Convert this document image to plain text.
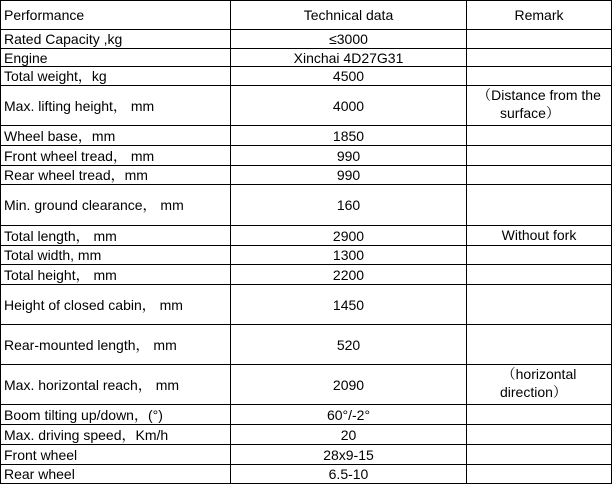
Performance	Technical data	Remark
Rated Capacity ,kg	≤3000	
Engine	Xinchai 4D27G31	
Total weight，kg	4500	
Max. lifting height， mm	4000	（Distance from the
surface）

Wheel base，mm	1850	
Front wheel tread， mm	990	
Rear wheel tread，mm	990	
Min. ground clearance， mm	160	
Total length， mm	2900	Without fork

Total width, mm	1300	
Total height， mm	2200	
Height of closed cabin， mm	1450	
Rear-mounted length， mm	520	
Max. horizontal reach， mm	2090	（horizontal
direction）

Boom tilting up/down，(°)	60°/-2°	
Max. driving speed，Km/h	20	
Front wheel	28x9-15	
Rear wheel	6.5-10	
